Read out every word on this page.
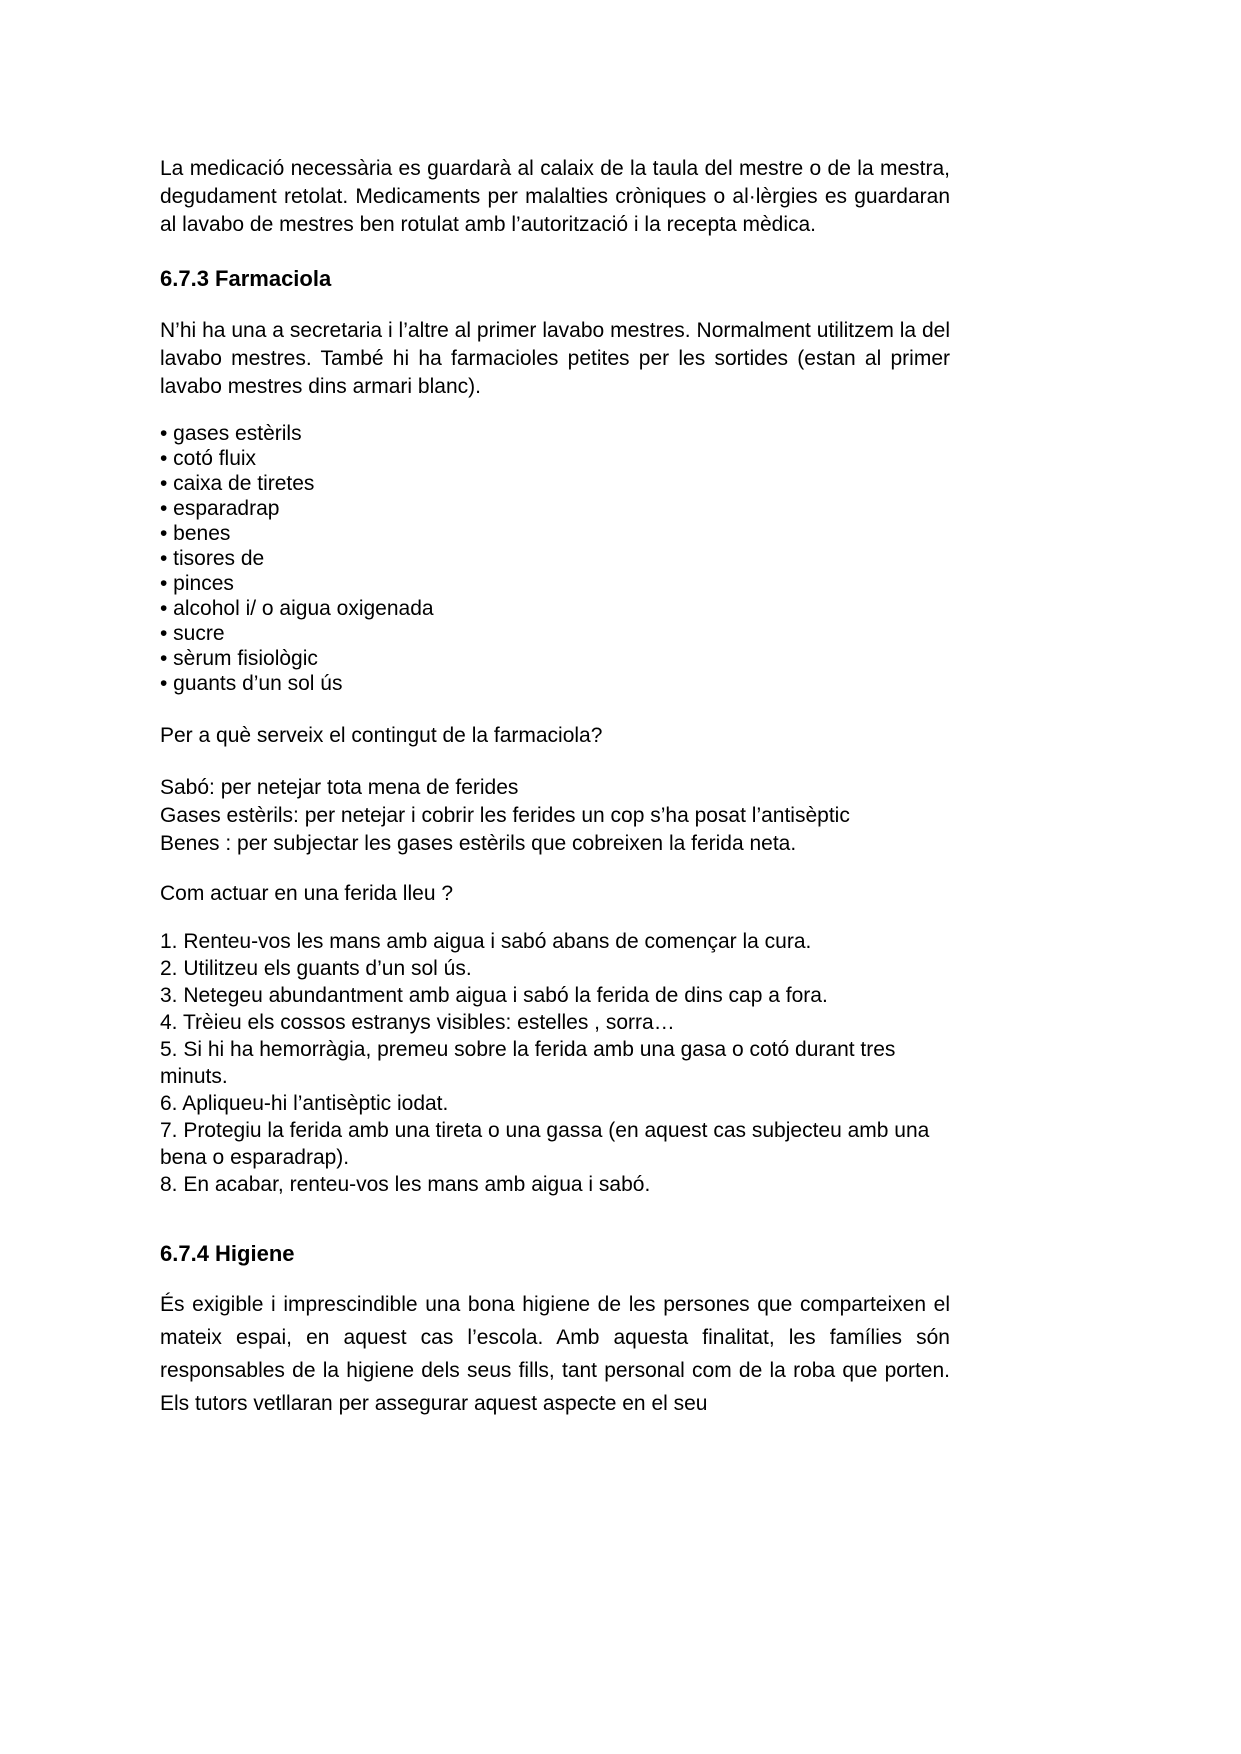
La medicació necessària es guardarà al calaix de la taula del mestre o de la mestra, degudament retolat. Medicaments per malalties cròniques o al·lèrgies es guardaran al lavabo de mestres ben rotulat amb l’autorització i la recepta mèdica.

6.7.3 Farmaciola

N’hi ha una a secretaria i l’altre al primer lavabo mestres. Normalment utilitzem la del lavabo mestres. També hi ha farmacioles petites per les sortides (estan al primer lavabo mestres dins armari blanc).

• gases estèrils
• cotó fluix
• caixa de tiretes
• esparadrap
• benes
• tisores de
• pinces
• alcohol i/ o aigua oxigenada
• sucre
• sèrum fisiològic
• guants d’un sol ús

Per a què serveix el contingut de la farmaciola?

Sabó: per netejar tota mena de ferides
Gases estèrils: per netejar i cobrir les ferides un cop s’ha posat l’antisèptic
Benes : per subjectar les gases estèrils que cobreixen la ferida neta.

Com actuar en una ferida lleu ?

1. Renteu-vos les mans amb aigua i sabó abans de començar la cura.
2. Utilitzeu els guants d’un sol ús.
3. Netegeu abundantment amb aigua i sabó la ferida de dins cap a fora.
4. Trèieu els cossos estranys visibles: estelles , sorra…
5. Si hi ha hemorràgia, premeu sobre la ferida amb una gasa o cotó durant tres minuts.
6. Apliqueu-hi l’antisèptic iodat.
7. Protegiu la ferida amb una tireta o una gassa (en aquest cas subjecteu amb una bena o esparadrap).
8. En acabar, renteu-vos les mans amb aigua i sabó.
6.7.4 Higiene

És exigible i imprescindible una bona higiene de les persones que comparteixen el mateix espai, en aquest cas l’escola. Amb aquesta finalitat, les famílies són responsables de la higiene dels seus fills, tant personal com de la roba que porten. Els tutors vetllaran per assegurar aquest aspecte en el seu
